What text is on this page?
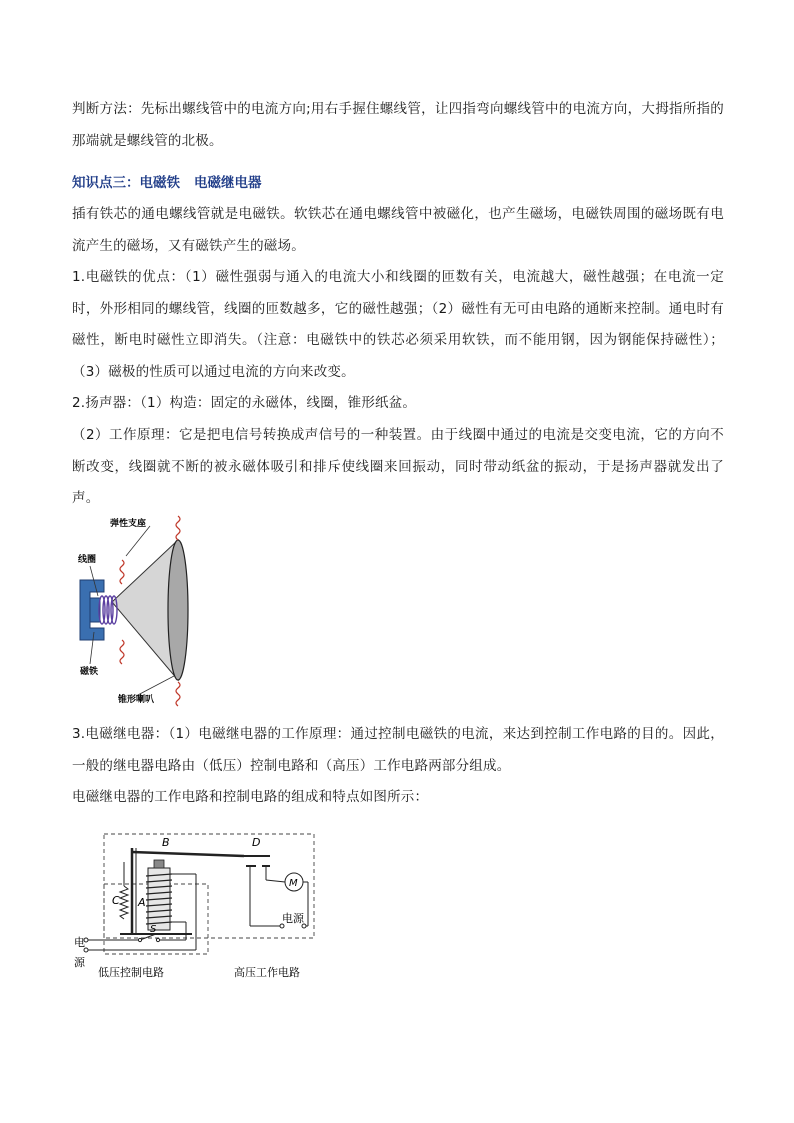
判断方法：先标出螺线管中的电流方向;用右手握住螺线管，让四指弯向螺线管中的电流方向，大拇指所指的那端就是螺线管的北极。
知识点三：电磁铁 电磁继电器
插有铁芯的通电螺线管就是电磁铁。软铁芯在通电螺线管中被磁化，也产生磁场，电磁铁周围的磁场既有电流产生的磁场，又有磁铁产生的磁场。
1.电磁铁的优点：（1）磁性强弱与通入的电流大小和线圈的匝数有关，电流越大，磁性越强；在电流一定时，外形相同的螺线管，线圈的匝数越多，它的磁性越强；（2）磁性有无可由电路的通断来控制。通电时有磁性，断电时磁性立即消失。（注意：电磁铁中的铁芯必须采用软铁，而不能用钢，因为钢能保持磁性）；（3）磁极的性质可以通过电流的方向来改变。
2.扬声器：（1）构造：固定的永磁体，线圈，锥形纸盆。
（2）工作原理：它是把电信号转换成声信号的一种装置。由于线圈中通过的电流是交变电流，它的方向不断改变，线圈就不断的被永磁体吸引和排斥使线圈来回振动，同时带动纸盆的振动，于是扬声器就发出了声。
弹性支座
线圈
磁铁
锥形喇叭
3.电磁继电器：（1）电磁继电器的工作原理：通过控制电磁铁的电流，来达到控制工作电路的目的。因此，一般的继电器电路由（低压）控制电路和（高压）工作电路两部分组成。
电磁继电器的工作电路和控制电路的组成和特点如图所示：
B	D
C A
S
M
电
源
电源
低压控制电路	高压工作电路
